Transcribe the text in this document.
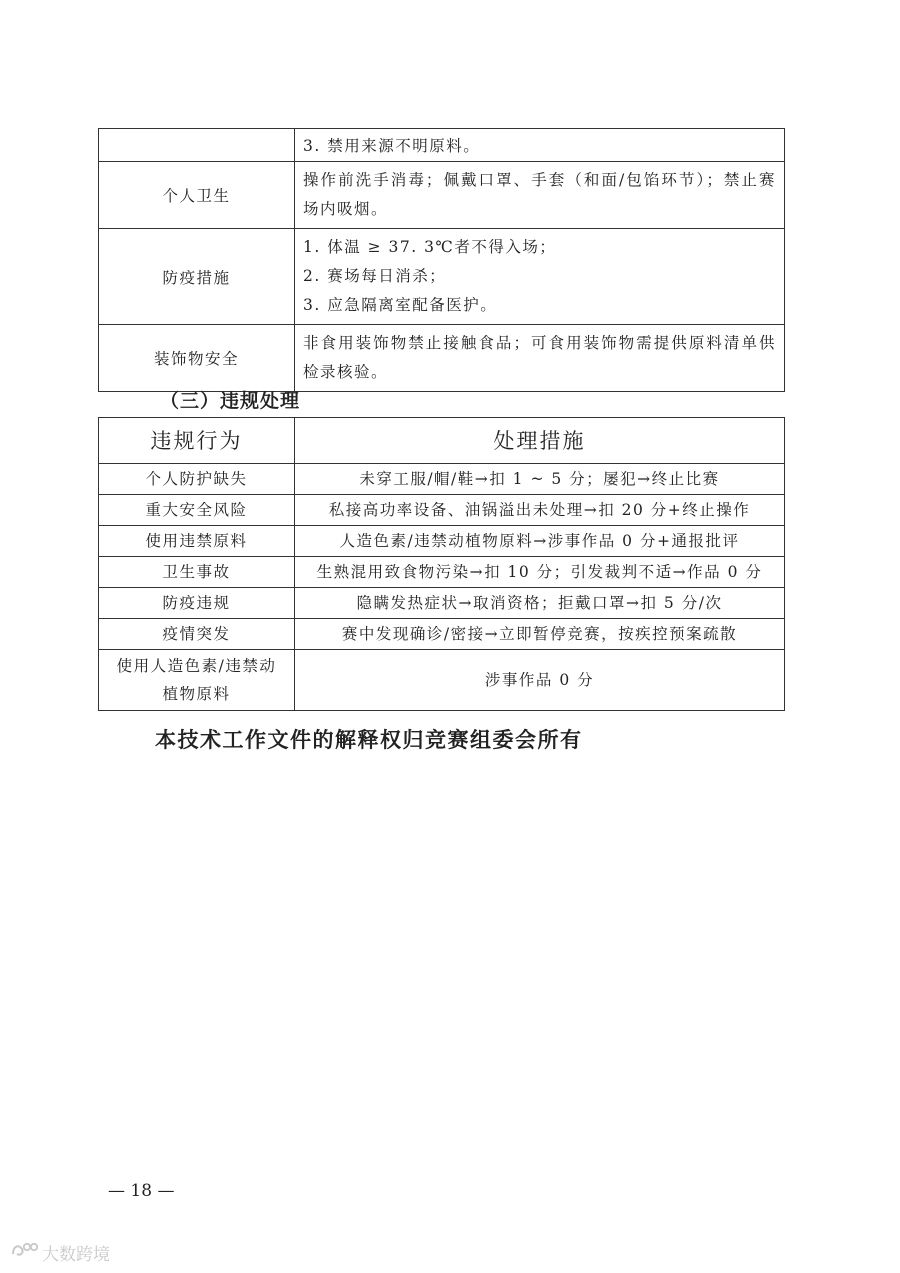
	3. 禁用来源不明原料。

个人卫生	操作前洗手消毒；佩戴口罩、手套（和面/包馅环节）；禁止赛场内吸烟。

防疫措施	1. 体温 ≥ 37. 3℃者不得入场；
2. 赛场每日消杀；
3. 应急隔离室配备医护。

装饰物安全	非食用装饰物禁止接触食品；可食用装饰物需提供原料清单供检录核验。
（三）违规处理
违规行为	处理措施
个人防护缺失	未穿工服/帽/鞋→扣 1 ~ 5 分；屡犯→终止比赛
重大安全风险	私接高功率设备、油锅溢出未处理→扣 20 分+终止操作
使用违禁原料	人造色素/违禁动植物原料→涉事作品 0 分+通报批评
卫生事故	生熟混用致食物污染→扣 10 分；引发裁判不适→作品 0 分
防疫违规	隐瞒发热症状→取消资格；拒戴口罩→扣 5 分/次
疫情突发	赛中发现确诊/密接→立即暂停竞赛，按疾控预案疏散
使用人造色素/违禁动植物原料	涉事作品 0 分

本技术工作文件的解释权归竞赛组委会所有

— 18 —
大数跨境
